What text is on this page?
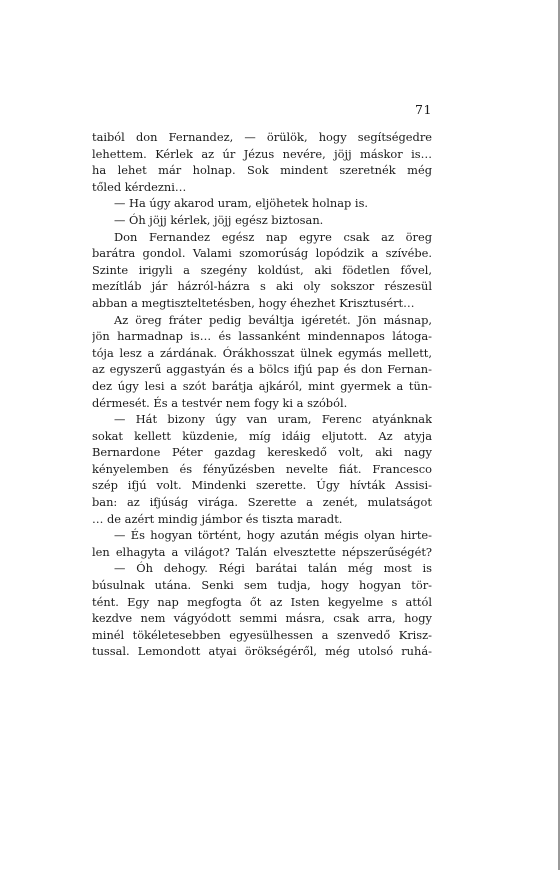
71
taiból don Fernandez, — örülök, hogy segítségedre
lehettem. Kérlek az úr Jézus nevére, jöjj máskor is…
ha lehet már holnap. Sok mindent szeretnék még
tőled kérdezni…
— Ha úgy akarod uram, eljöhetek holnap is.
— Óh jöjj kérlek, jöjj egész biztosan.
Don Fernandez egész nap egyre csak az öreg
barátra gondol. Valami szomorúság lopódzik a szívébe.
Szinte irigyli a szegény koldúst, aki födetlen fővel,
mezítláb jár házról-házra s aki oly sokszor részesül
abban a megtiszteltetésben, hogy éhezhet Krisztusért…
Az öreg fráter pedig beváltja igéretét. Jön másnap,
jön harmadnap is… és lassanként mindennapos látoga-
tója lesz a zárdának. Órákhosszat ülnek egymás mellett,
az egyszerű aggastyán és a bölcs ifjú pap és don Fernan-
dez úgy lesi a szót barátja ajkáról, mint gyermek a tün-
dérmesét. És a testvér nem fogy ki a szóból.
— Hát bizony úgy van uram, Ferenc atyánknak
sokat kellett küzdenie, míg idáig eljutott. Az atyja
Bernardone Péter gazdag kereskedő volt, aki nagy
kényelemben és fényűzésben nevelte fiát. Francesco
szép ifjú volt. Mindenki szerette. Úgy hívták Assisi-
ban: az ifjúság virága. Szerette a zenét, mulatságot
… de azért mindig jámbor és tiszta maradt.
— És hogyan történt, hogy azután mégis olyan hirte-
len elhagyta a világot? Talán elvesztette népszerűségét?
— Óh dehogy. Régi barátai talán még most is
búsulnak utána. Senki sem tudja, hogy hogyan tör-
tént. Egy nap megfogta őt az Isten kegyelme s attól
kezdve nem vágyódott semmi másra, csak arra, hogy
minél tökéletesebben egyesülhessen a szenvedő Krisz-
tussal. Lemondott atyai örökségéről, még utolsó ruhá-
